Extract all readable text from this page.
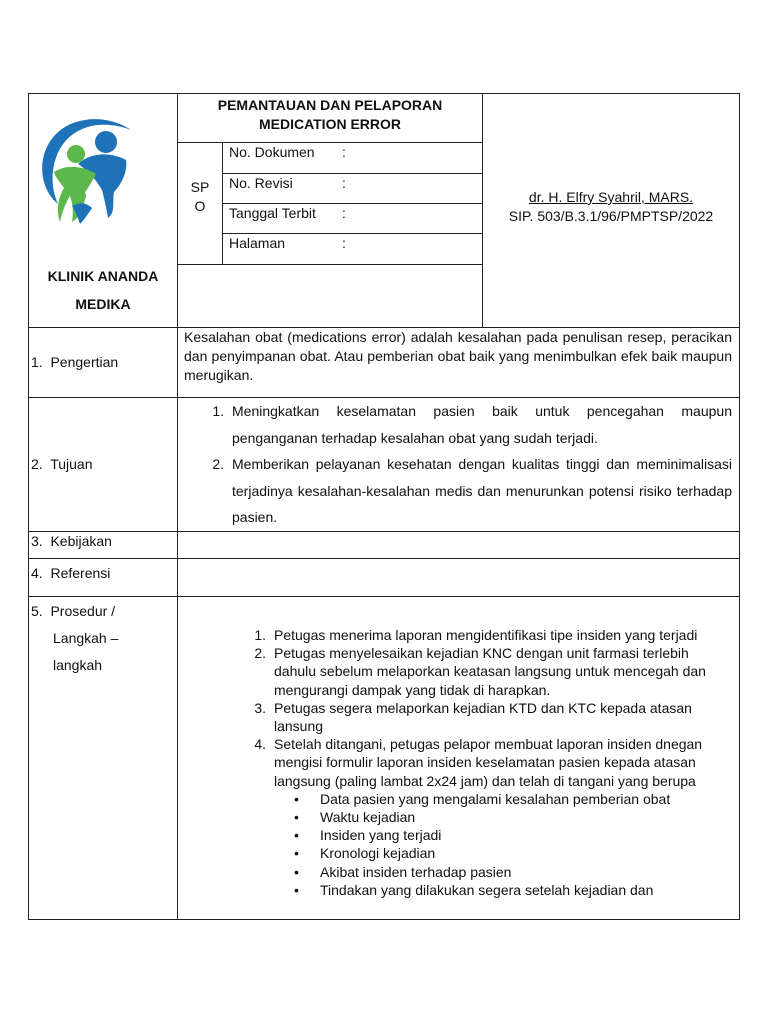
PEMANTAUAN DAN PELAPORAN
MEDICATION ERROR
SP
O
No. Dokumen :
No. Revisi	:
Tanggal Terbit :
Halaman	:
dr. H. Elfry Syahril, MARS.
SIP. 503/B.3.1/96/PMPTSP/2022
KLINIK ANANDA
MEDIKA
1.  Pengertian
Kesalahan obat (medications error) adalah kesalahan pada penulisan resep, peracikan dan penyimpanan obat. Atau pemberian obat baik yang menimbulkan efek baik maupun merugikan.
2.  Tujuan
1. Meningkatkan keselamatan pasien baik untuk pencegahan maupun penganganan terhadap kesalahan obat yang sudah terjadi.
2. Memberikan pelayanan kesehatan dengan kualitas tinggi dan meminimalisasi terjadinya kesalahan-kesalahan medis dan menurunkan potensi risiko terhadap pasien.
3.  Kebijakan
4.  Referensi
5.  Prosedur /
Langkah –
langkah
1. Petugas menerima laporan mengidentifikasi tipe insiden yang terjadi
2. Petugas menyelesaikan kejadian KNC dengan unit farmasi terlebih dahulu sebelum melaporkan keatasan langsung untuk mencegah dan mengurangi dampak yang tidak di harapkan.
3. Petugas segera melaporkan kejadian KTD dan KTC kepada atasan lansung
4. Setelah ditangani, petugas pelapor membuat laporan insiden dnegan mengisi formulir laporan insiden keselamatan pasien kepada atasan langsung (paling lambat 2x24 jam) dan telah di tangani yang berupa
•	Data pasien yang mengalami kesalahan pemberian obat
•	Waktu kejadian
•	Insiden yang terjadi
•	Kronologi kejadian
•	Akibat insiden terhadap pasien
•	Tindakan yang dilakukan segera setelah kejadian dan
